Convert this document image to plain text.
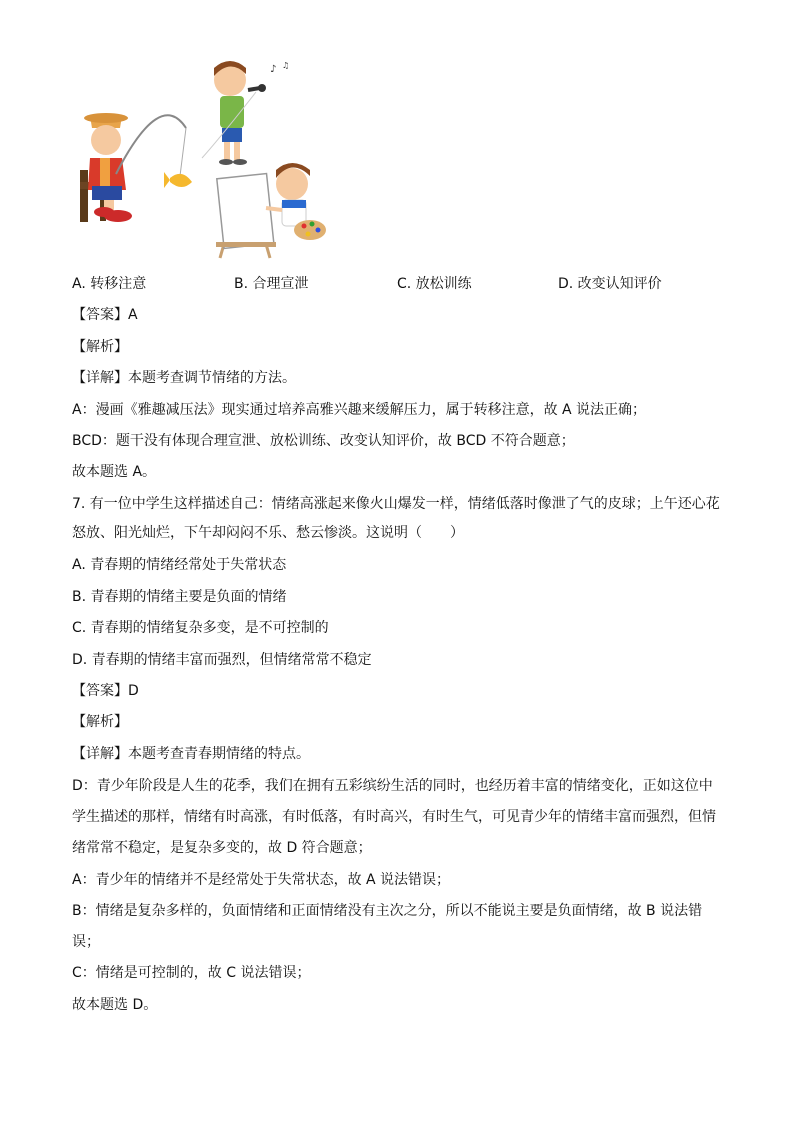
♪ ♫
A. 转移注意	B. 合理宣泄	C. 放松训练	D. 改变认知评价
【答案】A
【解析】
【详解】本题考查调节情绪的方法。
A：漫画《雅趣减压法》现实通过培养高雅兴趣来缓解压力，属于转移注意，故 A 说法正确；
BCD：题干没有体现合理宣泄、放松训练、改变认知评价，故 BCD 不符合题意；
故本题选 A。
7. 有一位中学生这样描述自己：情绪高涨起来像火山爆发一样，情绪低落时像泄了气的皮球；上午还心花
怒放、阳光灿烂，下午却闷闷不乐、愁云惨淡。这说明（　　）
A. 青春期的情绪经常处于失常状态
B. 青春期的情绪主要是负面的情绪
C. 青春期的情绪复杂多变，是不可控制的
D. 青春期的情绪丰富而强烈，但情绪常常不稳定
【答案】D
【解析】
【详解】本题考查青春期情绪的特点。
D：青少年阶段是人生的花季，我们在拥有五彩缤纷生活的同时，也经历着丰富的情绪变化，正如这位中
学生描述的那样，情绪有时高涨，有时低落，有时高兴，有时生气，可见青少年的情绪丰富而强烈，但情
绪常常不稳定，是复杂多变的，故 D 符合题意；
A：青少年的情绪并不是经常处于失常状态，故 A 说法错误；
B：情绪是复杂多样的，负面情绪和正面情绪没有主次之分，所以不能说主要是负面情绪，故 B 说法错
误；
C：情绪是可控制的，故 C 说法错误；
故本题选 D。
